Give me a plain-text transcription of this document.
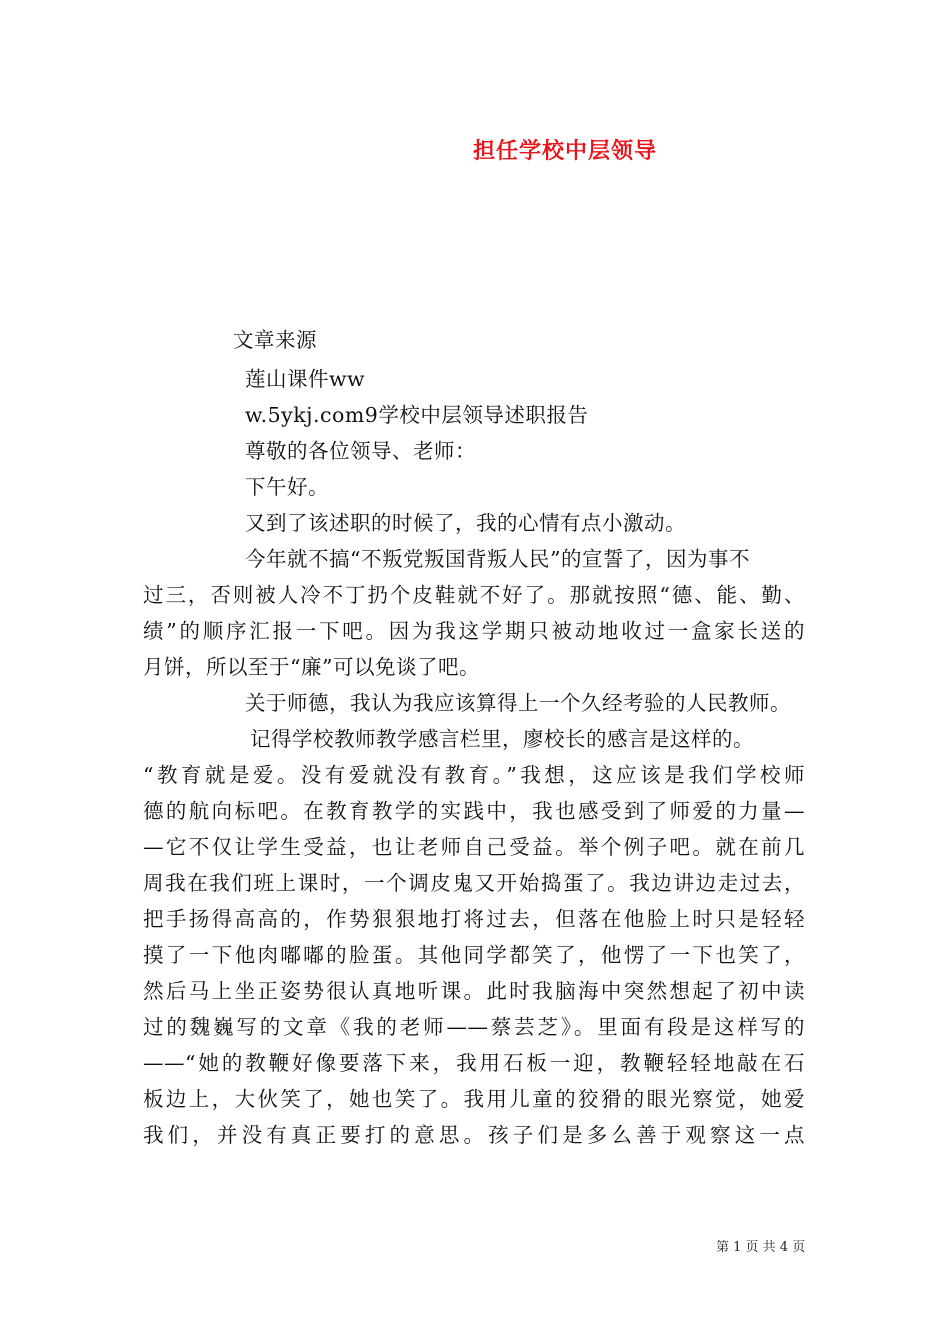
担任学校中层领导
文章来源
莲山课件ww
w.5ykj.com9学校中层领导述职报告
尊敬的各位领导、老师：
下午好。
又到了该述职的时候了，我的心情有点小激动。
今年就不搞“不叛党叛国背叛人民”的宣誓了，因为事不
过三，否则被人冷不丁扔个皮鞋就不好了。那就按照“德、能、勤、
绩”的顺序汇报一下吧。因为我这学期只被动地收过一盒家长送的
月饼，所以至于“廉”可以免谈了吧。
关于师德，我认为我应该算得上一个久经考验的人民教师。
记得学校教师教学感言栏里，廖校长的感言是这样的。
“教育就是爱。没有爱就没有教育。”我想，这应该是我们学校师
德的航向标吧。在教育教学的实践中，我也感受到了师爱的力量—
—它不仅让学生受益，也让老师自己受益。举个例子吧。就在前几
周我在我们班上课时，一个调皮鬼又开始捣蛋了。我边讲边走过去，
把手扬得高高的，作势狠狠地打将过去，但落在他脸上时只是轻轻
摸了一下他肉嘟嘟的脸蛋。其他同学都笑了，他愣了一下也笑了，
然后马上坐正姿势很认真地听课。此时我脑海中突然想起了初中读
过的魏巍写的文章《我的老师——蔡芸芝》。里面有段是这样写的
——“她的教鞭好像要落下来，我用石板一迎，教鞭轻轻地敲在石
板边上，大伙笑了，她也笑了。我用儿童的狡猾的眼光察觉，她爱
我们，并没有真正要打的意思。孩子们是多么善于观察这一点
第 1 页 共 4 页
